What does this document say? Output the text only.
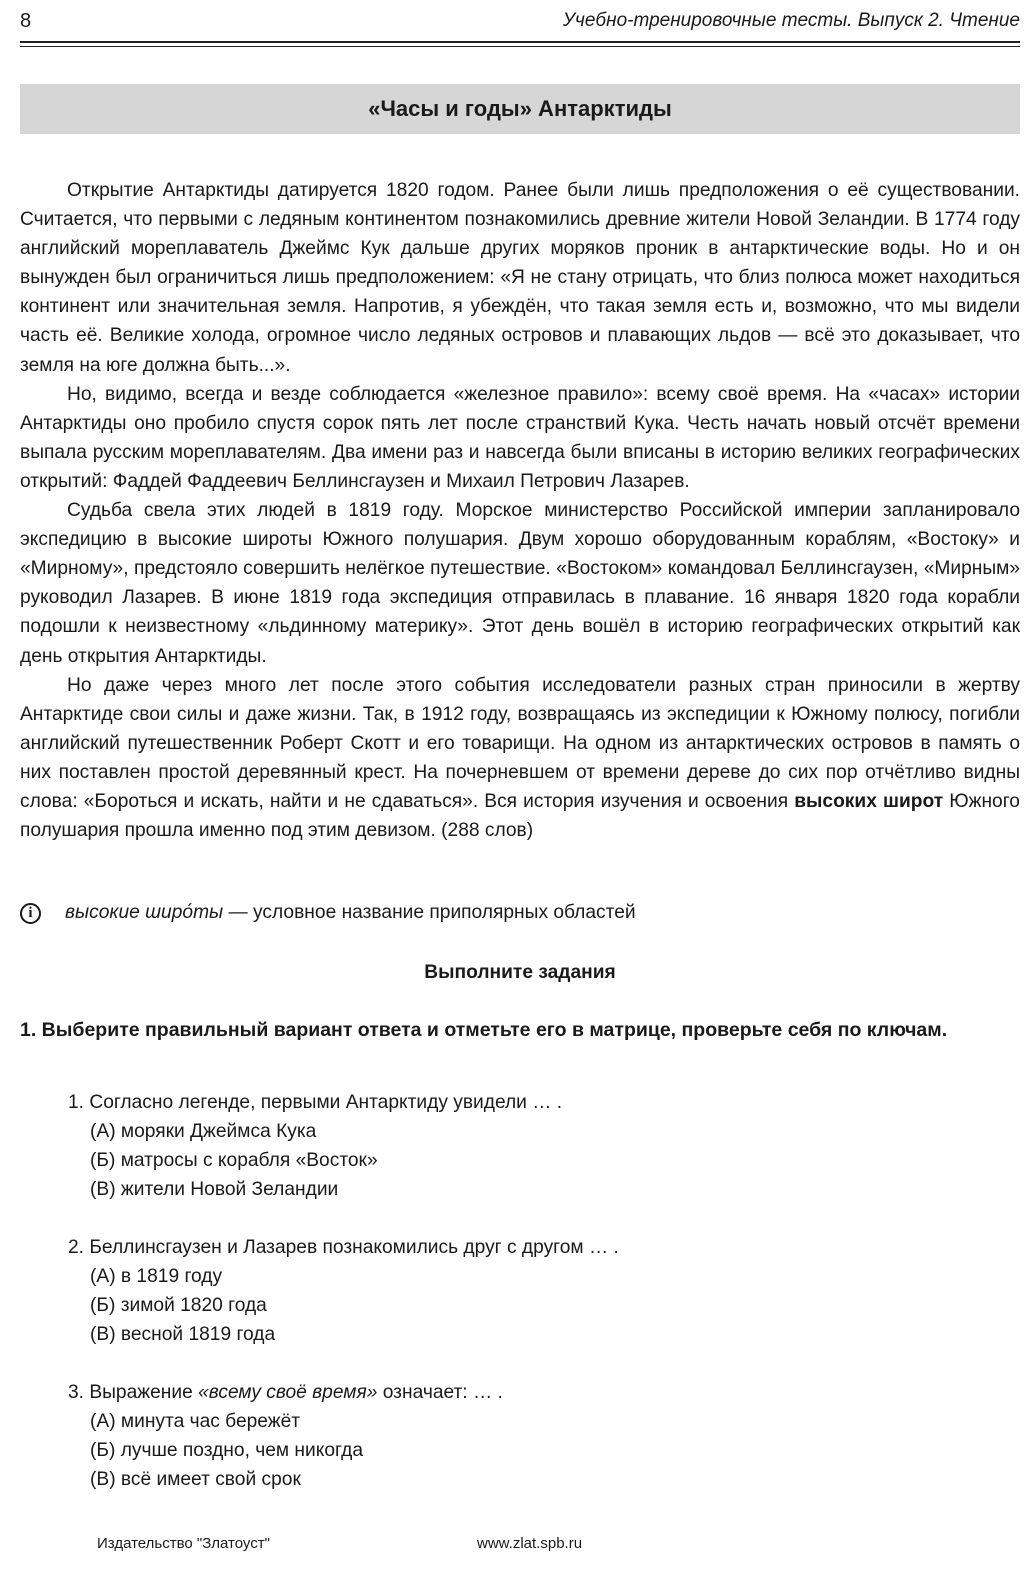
8	Учебно-тренировочные тесты. Выпуск 2. Чтение
«Часы и годы» Антарктиды

Открытие Антарктиды датируется 1820 годом. Ранее были лишь предположения о её существовании. Считается, что первыми с ледяным континентом познакомились древние жители Новой Зеландии. В 1774 году английский мореплаватель Джеймс Кук дальше других моряков проник в антарктические воды. Но и он вынужден был ограничиться лишь предположением: «Я не стану отрицать, что близ полюса может находиться континент или значительная земля. Напротив, я убеждён, что такая земля есть и, возможно, что мы видели часть её. Великие холода, огромное число ледяных островов и плавающих льдов — всё это доказывает, что земля на юге должна быть...».

Но, видимо, всегда и везде соблюдается «железное правило»: всему своё время. На «часах» истории Антарктиды оно пробило спустя сорок пять лет после странствий Кука. Честь начать новый отсчёт времени выпала русским мореплавателям. Два имени раз и навсегда были вписаны в историю великих географических открытий: Фаддей Фаддеевич Беллинсгаузен и Михаил Петрович Лазарев.

Судьба свела этих людей в 1819 году. Морское министерство Российской империи запланировало экспедицию в высокие широты Южного полушария. Двум хорошо оборудованным кораблям, «Востоку» и «Мирному», предстояло совершить нелёгкое путешествие. «Востоком» командовал Беллинсгаузен, «Мирным» руководил Лазарев. В июне 1819 года экспедиция отправилась в плавание. 16 января 1820 года корабли подошли к неизвестному «льдинному материку». Этот день вошёл в историю географических открытий как день открытия Антарктиды.

Но даже через много лет после этого события исследователи разных стран приносили в жертву Антарктиде свои силы и даже жизни. Так, в 1912 году, возвращаясь из экспедиции к Южному полюсу, погибли английский путешественник Роберт Скотт и его товарищи. На одном из антарктических островов в память о них поставлен простой деревянный крест. На почерневшем от времени дереве до сих пор отчётливо видны слова: «Бороться и искать, найти и не сдаваться». Вся история изучения и освоения высоких широт Южного полушария прошла именно под этим девизом. (288 слов)

i	высокие широ́ты
— условное название приполярных областей
Выполните задания
1. Выберите правильный вариант ответа и отметьте его в матрице, проверьте себя по ключам.
1. Согласно легенде, первыми Антарктиду увидели … .
(А) моряки Джеймса Кука
(Б) матросы с корабля «Восток»
(В) жители Новой Зеландии
2. Беллинсгаузен и Лазарев познакомились друг с другом … .
(А) в 1819 году
(Б) зимой 1820 года
(В) весной 1819 года
3. Выражение «всему своё время» означает: … .
(А) минута час бережёт
(Б) лучше поздно, чем никогда
(В) всё имеет свой срок
Издательство "Златоуст"	www.zlat.spb.ru
